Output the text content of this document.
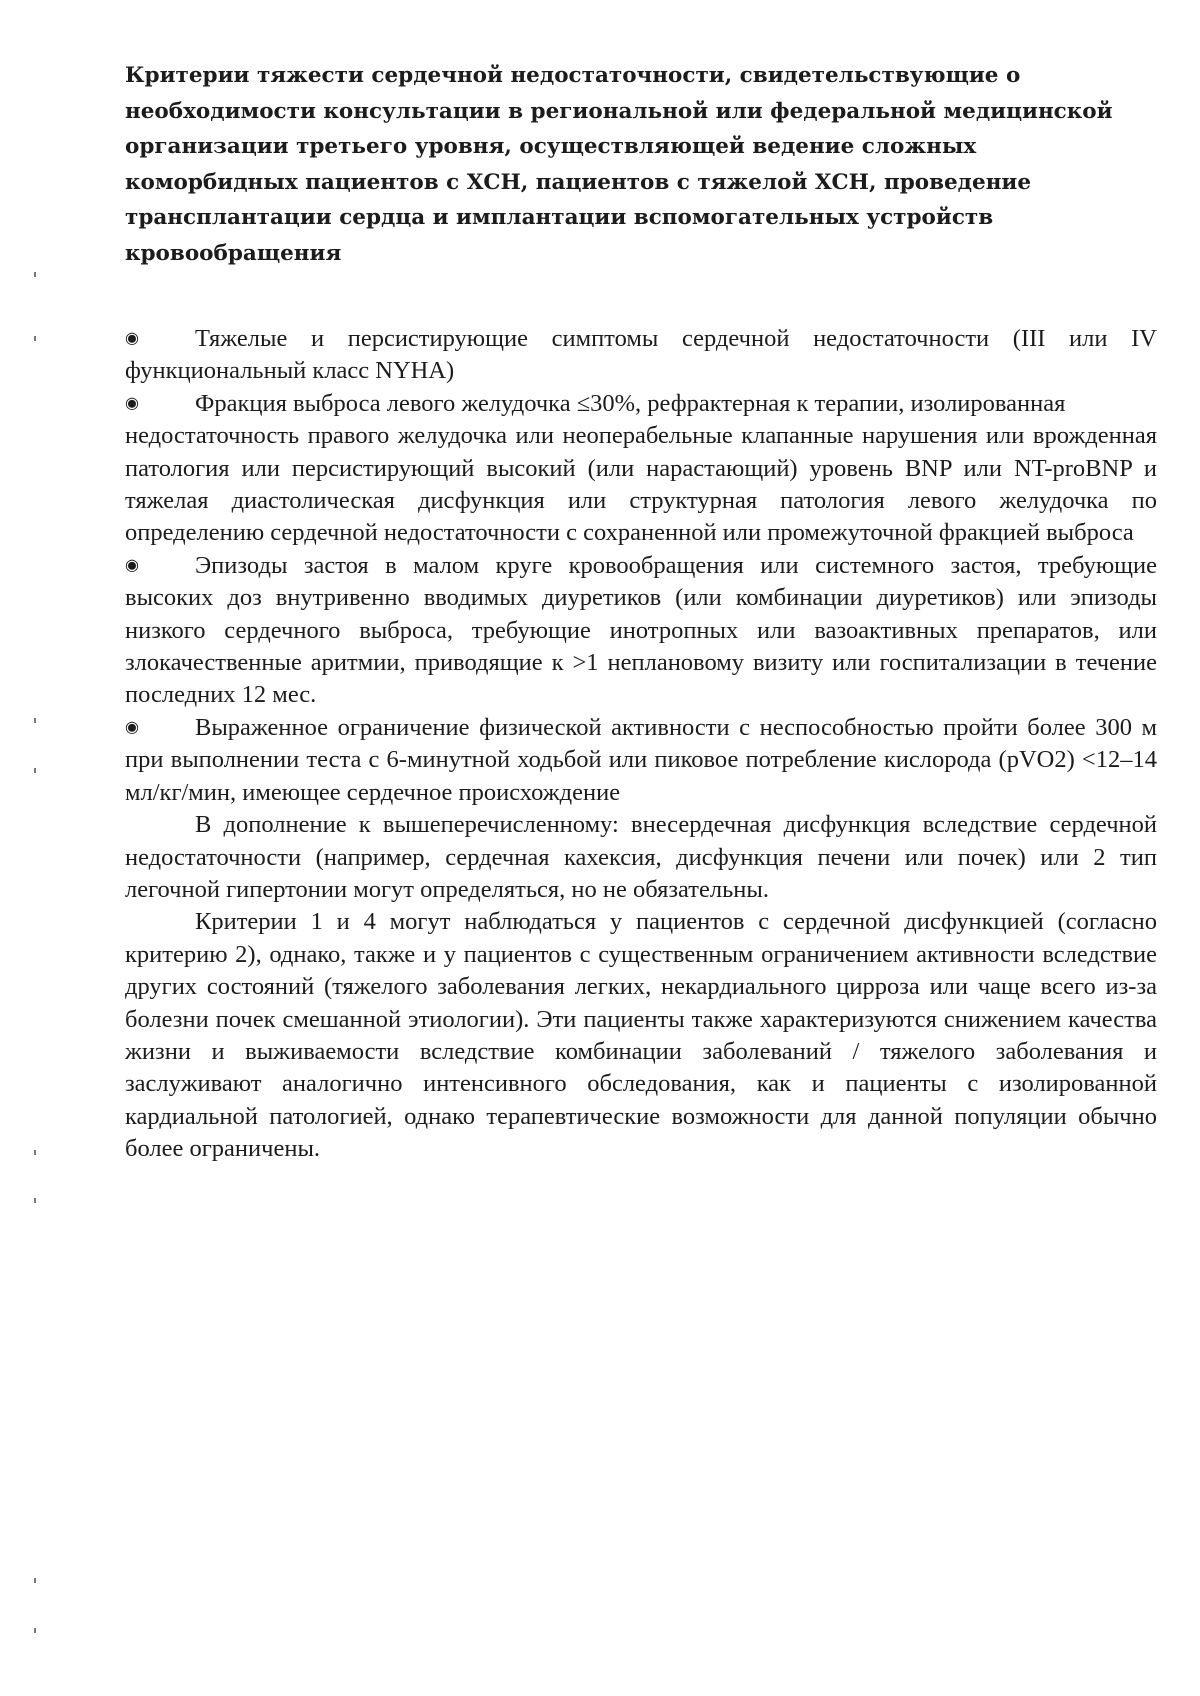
Критерии тяжести сердечной недостаточности, свидетельствующие о необходимости консультации в региональной или федеральной медицинской организации третьего уровня, осуществляющей ведение сложных коморбидных пациентов с ХСН, пациентов с тяжелой ХСН, проведение трансплантации сердца и имплантации вспомогательных устройств кровообращения

◉ Тяжелые и персистирующие симптомы сердечной недостаточности (III или IV функциональный класс NYHA)

◉ Фракция выброса левого желудочка ≤30%, рефрактерная к терапии, изолированная

недостаточность правого желудочка или неоперабельные клапанные нарушения или врожденная патология или персистирующий высокий (или нарастающий) уровень BNP или NT-proBNP и тяжелая диастолическая дисфункция или структурная патология левого желудочка по определению сердечной недостаточности с сохраненной или промежуточной фракцией выброса

◉ Эпизоды застоя в малом круге кровообращения или системного застоя, требующие высоких доз внутривенно вводимых диуретиков (или комбинации диуретиков) или эпизоды низкого сердечного выброса, требующие инотропных или вазоактивных препаратов, или злокачественные аритмии, приводящие к >1 неплановому визиту или госпитализации в течение последних 12 мес.

◉ Выраженное ограничение физической активности с неспособностью пройти более 300 м при выполнении теста с 6-минутной ходьбой или пиковое потребление кислорода (pVO2) <12–14 мл/кг/мин, имеющее сердечное происхождение

В дополнение к вышеперечисленному: внесердечная дисфункция вследствие сердечной недостаточности (например, сердечная кахексия, дисфункция печени или почек) или 2 тип легочной гипертонии могут определяться, но не обязательны.

Критерии 1 и 4 могут наблюдаться у пациентов с сердечной дисфункцией (согласно критерию 2), однако, также и у пациентов с существенным ограничением активности вследствие других состояний (тяжелого заболевания легких, некардиального цирроза или чаще всего из-за болезни почек смешанной этиологии). Эти пациенты также характеризуются снижением качества жизни и выживаемости вследствие комбинации заболеваний / тяжелого заболевания и заслуживают аналогично интенсивного обследования, как и пациенты с изолированной кардиальной патологией, однако терапевтические возможности для данной популяции обычно более ограничены.
